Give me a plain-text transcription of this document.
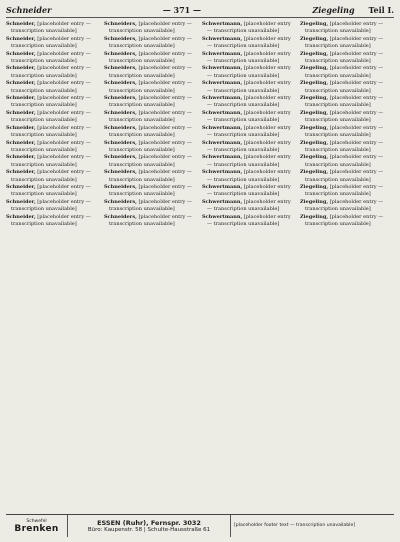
Schneider	— 371 —	Ziegeling Teil I.
Schneider, [placeholder entry — transcription unavailable]
Schneider, [placeholder entry — transcription unavailable]
Schneider, [placeholder entry — transcription unavailable]
Schneider, [placeholder entry — transcription unavailable]
Schneider, [placeholder entry — transcription unavailable]
Schneider, [placeholder entry — transcription unavailable]
Schneider, [placeholder entry — transcription unavailable]
Schneider, [placeholder entry — transcription unavailable]
Schneider, [placeholder entry — transcription unavailable]
Schneider, [placeholder entry — transcription unavailable]
Schneider, [placeholder entry — transcription unavailable]
Schneider, [placeholder entry — transcription unavailable]
Schneider, [placeholder entry — transcription unavailable]
Schneider, [placeholder entry — transcription unavailable]
Schneiders, [placeholder entry — transcription unavailable]
Schneiders, [placeholder entry — transcription unavailable]
Schneiders, [placeholder entry — transcription unavailable]
Schneiders, [placeholder entry — transcription unavailable]
Schneiders, [placeholder entry — transcription unavailable]
Schneiders, [placeholder entry — transcription unavailable]
Schneiders, [placeholder entry — transcription unavailable]
Schneiders, [placeholder entry — transcription unavailable]
Schneiders, [placeholder entry — transcription unavailable]
Schneiders, [placeholder entry — transcription unavailable]
Schneiders, [placeholder entry — transcription unavailable]
Schneiders, [placeholder entry — transcription unavailable]
Schneiders, [placeholder entry — transcription unavailable]
Schneiders, [placeholder entry — transcription unavailable]
Schwertmann, [placeholder entry — transcription unavailable]
Schwertmann, [placeholder entry — transcription unavailable]
Schwertmann, [placeholder entry — transcription unavailable]
Schwertmann, [placeholder entry — transcription unavailable]
Schwertmann, [placeholder entry — transcription unavailable]
Schwertmann, [placeholder entry — transcription unavailable]
Schwertmann, [placeholder entry — transcription unavailable]
Schwertmann, [placeholder entry — transcription unavailable]
Schwertmann, [placeholder entry — transcription unavailable]
Schwertmann, [placeholder entry — transcription unavailable]
Schwertmann, [placeholder entry — transcription unavailable]
Schwertmann, [placeholder entry — transcription unavailable]
Schwertmann, [placeholder entry — transcription unavailable]
Schwertmann, [placeholder entry — transcription unavailable]
Ziegeling, [placeholder entry — transcription unavailable]
Ziegeling, [placeholder entry — transcription unavailable]
Ziegeling, [placeholder entry — transcription unavailable]
Ziegeling, [placeholder entry — transcription unavailable]
Ziegeling, [placeholder entry — transcription unavailable]
Ziegeling, [placeholder entry — transcription unavailable]
Ziegeling, [placeholder entry — transcription unavailable]
Ziegeling, [placeholder entry — transcription unavailable]
Ziegeling, [placeholder entry — transcription unavailable]
Ziegeling, [placeholder entry — transcription unavailable]
Ziegeling, [placeholder entry — transcription unavailable]
Ziegeling, [placeholder entry — transcription unavailable]
Ziegeling, [placeholder entry — transcription unavailable]
Ziegeling, [placeholder entry — transcription unavailable]
Schwefel
Brenken
ESSEN (Ruhr), Fernspr. 3032
Büro: Kaupenstr. 58 | Schulte-Hausstraße 61
[placeholder footer text — transcription unavailable]
